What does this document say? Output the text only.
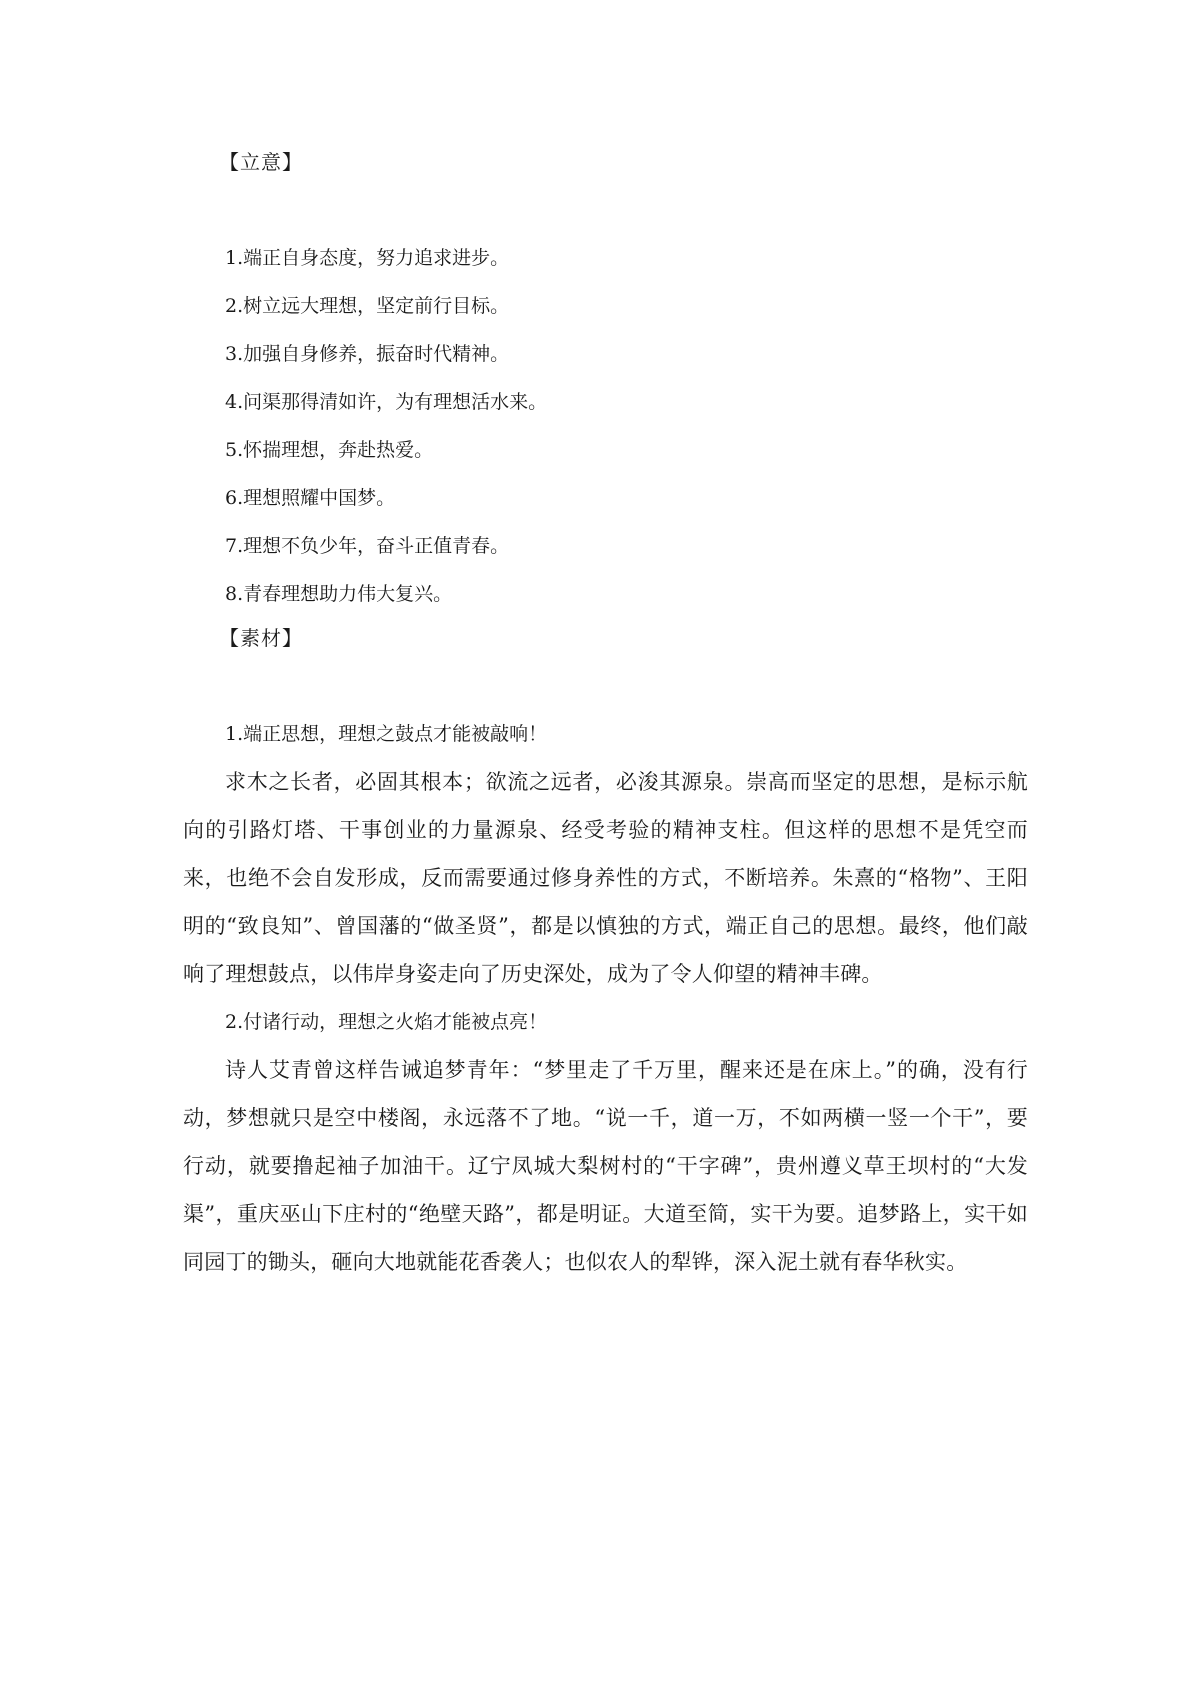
【立意】
1.端正自身态度，努力追求进步。
2.树立远大理想，坚定前行目标。
3.加强自身修养，振奋时代精神。
4.问渠那得清如许，为有理想活水来。
5.怀揣理想，奔赴热爱。
6.理想照耀中国梦。
7.理想不负少年，奋斗正值青春。
8.青春理想助力伟大复兴。
【素材】
1.端正思想，理想之鼓点才能被敲响！

求木之长者，必固其根本；欲流之远者，必浚其源泉。崇高而坚定的思想，是标示航向的引路灯塔、干事创业的力量源泉、经受考验的精神支柱。但这样的思想不是凭空而来，也绝不会自发形成，反而需要通过修身养性的方式，不断培养。朱熹的“格物”、王阳明的“致良知”、曾国藩的“做圣贤”，都是以慎独的方式，端正自己的思想。最终，他们敲响了理想鼓点，以伟岸身姿走向了历史深处，成为了令人仰望的精神丰碑。

2.付诸行动，理想之火焰才能被点亮！

诗人艾青曾这样告诫追梦青年：“梦里走了千万里，醒来还是在床上。”的确，没有行动，梦想就只是空中楼阁，永远落不了地。“说一千，道一万，不如两横一竖一个干”，要行动，就要撸起袖子加油干。辽宁凤城大梨树村的“干字碑”，贵州遵义草王坝村的“大发渠”，重庆巫山下庄村的“绝壁天路”，都是明证。大道至简，实干为要。追梦路上，实干如同园丁的锄头，砸向大地就能花香袭人；也似农人的犁铧，深入泥土就有春华秋实。
